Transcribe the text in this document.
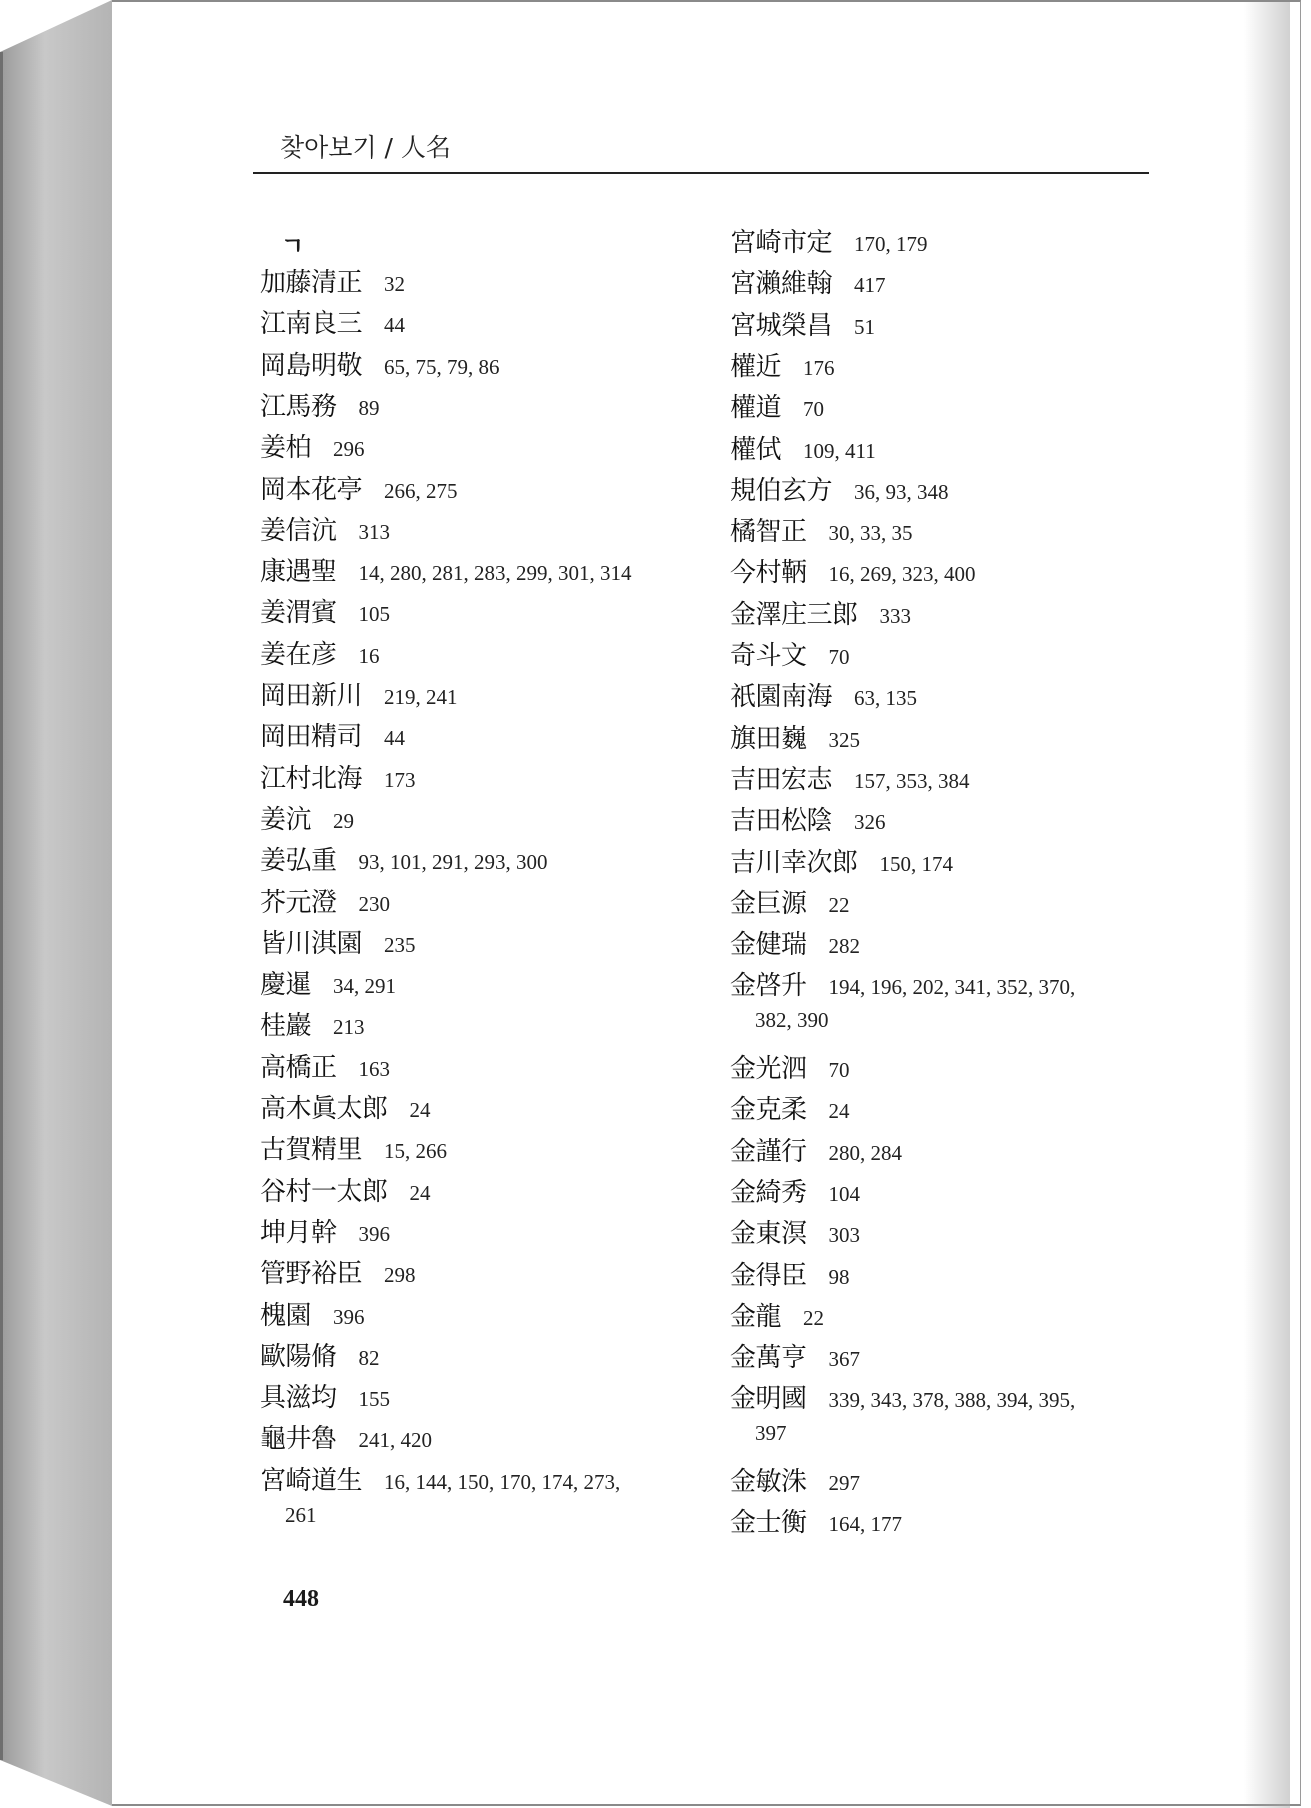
찾아보기 / 人名
ㄱ
加藤清正 32
江南良三 44
岡島明敬 65, 75, 79, 86
江馬務 89
姜柏 296
岡本花亭 266, 275
姜信沆 313
康遇聖 14, 280, 281, 283, 299, 301, 314
姜渭賓 105
姜在彦 16
岡田新川 219, 241
岡田精司 44
江村北海 173
姜沆 29
姜弘重 93, 101, 291, 293, 300
芥元澄 230
皆川淇園 235
慶暹 34, 291
桂巖 213
高橋正 163
高木眞太郎 24
古賀精里 15, 266
谷村一太郎 24
坤月幹 396
管野裕臣 298
槐園 396
歐陽脩 82
具滋均 155
龜井魯 241, 420
宮崎道生 16, 144, 150, 170, 174, 273,
261
宮崎市定 170, 179
宮瀨維翰 417
宮城榮昌 51
權近 176
權道 70
權侙 109, 411
規伯玄方 36, 93, 348
橘智正 30, 33, 35
今村鞆 16, 269, 323, 400
金澤庄三郎 333
奇斗文 70
祇園南海 63, 135
旗田巍 325
吉田宏志 157, 353, 384
吉田松陰 326
吉川幸次郎 150, 174
金巨源 22
金健瑞 282
金啓升 194, 196, 202, 341, 352, 370,
382, 390
金光泗 70
金克柔 24
金謹行 280, 284
金綺秀 104
金東溟 303
金得臣 98
金龍 22
金萬亨 367
金明國 339, 343, 378, 388, 394, 395,
397
金敏洙 297
金士衡 164, 177
448
